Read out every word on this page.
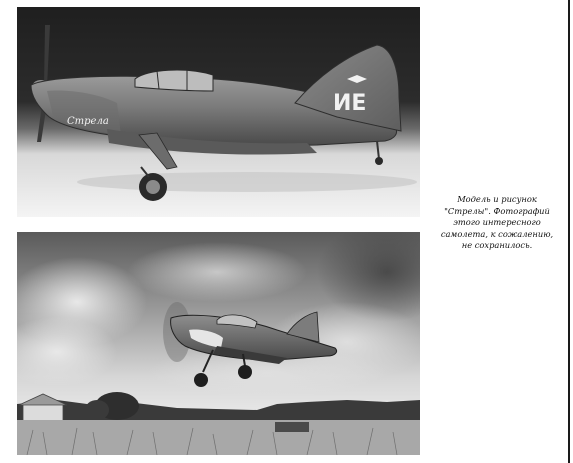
ИЕ
Стрела
Модель и рисунок
"Стрелы". Фотографий
этого интересного
самолета, к сожалению,
не сохранилось.
